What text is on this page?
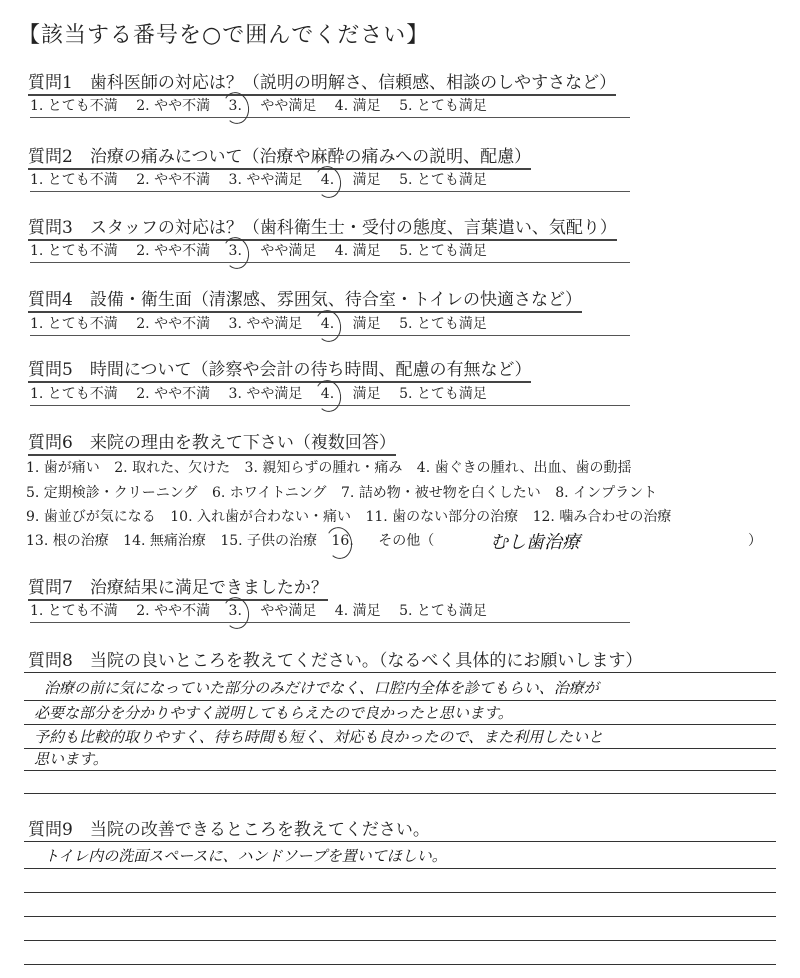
【該当する番号を○で囲んでください】
質問1　歯科医師の対応は？（説明の明解さ、信頼感、相談のしやすさなど）
1. とても不満 2. やや不満 3. やや満足 4. 満足 5. とても満足
質問2　治療の痛みについて（治療や麻酔の痛みへの説明、配慮）
1. とても不満 2. やや不満 3. やや満足 4. 満足 5. とても満足
質問3　スタッフの対応は？（歯科衛生士・受付の態度、言葉遣い、気配り）
1. とても不満 2. やや不満 3. やや満足 4. 満足 5. とても満足
質問4　設備・衛生面（清潔感、雰囲気、待合室・トイレの快適さなど）
1. とても不満 2. やや不満 3. やや満足 4. 満足 5. とても満足
質問5　時間について（診察や会計の待ち時間、配慮の有無など）
1. とても不満 2. やや不満 3. やや満足 4. 満足 5. とても満足
質問6　来院の理由を教えて下さい（複数回答）
1. 歯が痛い 2. 取れた、欠けた 3. 親知らずの腫れ・痛み 4. 歯ぐきの腫れ、出血、歯の動揺
5. 定期検診・クリーニング 6. ホワイトニング 7. 詰め物・被せ物を白くしたい 8. インプラント
9. 歯並びが気になる 10. 入れ歯が合わない・痛い 11. 歯のない部分の治療 12. 噛み合わせの治療
13. 根の治療 14. 無痛治療 15. 子供の治療 16. その他（	むし歯治療	）
質問7　治療結果に満足できましたか？
1. とても不満 2. やや不満 3. やや満足 4. 満足 5. とても満足
質問8　当院の良いところを教えてください。（なるべく具体的にお願いします）
治療の前に気になっていた部分のみだけでなく、口腔内全体を診てもらい、治療が
必要な部分を分かりやすく説明してもらえたので良かったと思います。
予約も比較的取りやすく、待ち時間も短く、対応も良かったので、また利用したいと
思います。
質問9　当院の改善できるところを教えてください。
トイレ内の洗面スペースに、ハンドソープを置いてほしい。
